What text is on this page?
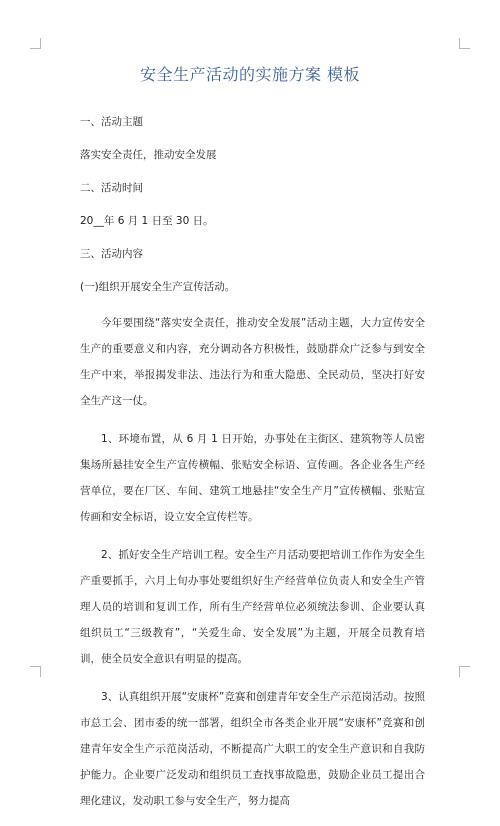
安全生产活动的实施方案 模板
一、活动主题
落实安全责任，推动安全发展
二、活动时间
20__年 6 月 1 日至 30 日。
三、活动内容
(一)组织开展安全生产宣传活动。

今年要围绕“落实安全责任，推动安全发展”活动主题，大力宣传安全生产的重要意义和内容，充分调动各方积极性，鼓励群众广泛参与到安全生产中来，举报揭发非法、违法行为和重大隐患、全民动员，坚决打好安全生产这一仗。

1、环境布置，从 6 月 1 日开始，办事处在主街区、建筑物等人员密集场所悬挂安全生产宣传横幅、张贴安全标语、宣传画。各企业各生产经营单位，要在厂区、车间、建筑工地悬挂“安全生产月”宣传横幅、张贴宣传画和安全标语，设立安全宣传栏等。

2、抓好安全生产培训工程。安全生产月活动要把培训工作作为安全生产重要抓手，六月上旬办事处要组织好生产经营单位负责人和安全生产管理人员的培训和复训工作，所有生产经营单位必须统法参训、企业要认真组织员工“三级教育”，“关爱生命、安全发展”为主题，开展全员教育培训，使全员安全意识有明显的提高。

3、认真组织开展“安康杯”竞赛和创建青年安全生产示范岗活动。按照市总工会、团市委的统一部署，组织全市各类企业开展“安康杯”竞赛和创建青年安全生产示范岗活动，不断提高广大职工的安全生产意识和自我防护能力。企业要广泛发动和组织员工查找事故隐患，鼓励企业员工提出合理化建议，发动职工参与安全生产，努力提高
